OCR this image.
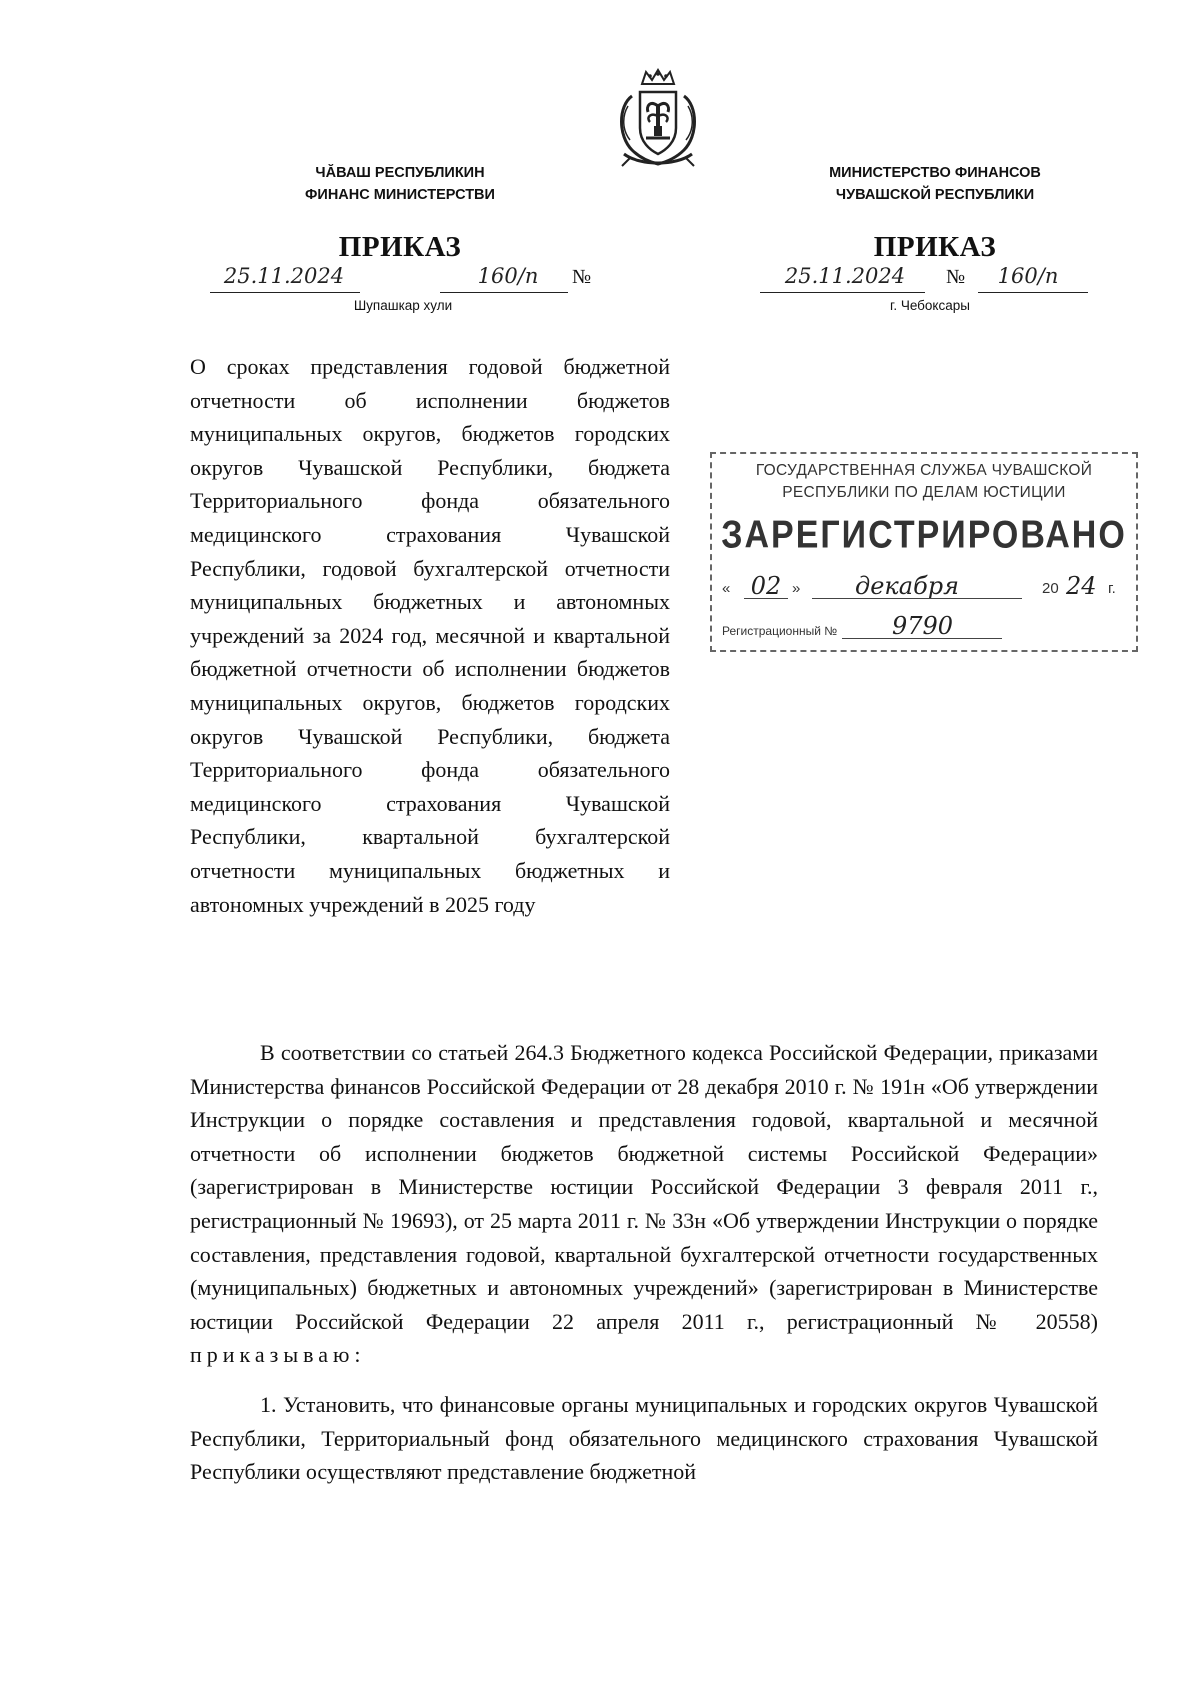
ЧӐВАШ РЕСПУБЛИКИН
ФИНАНС МИНИСТЕРСТВИ
ПРИКАЗ
25.11.2024	160/п	№
Шупашкар хули
МИНИСТЕРСТВО ФИНАНСОВ
ЧУВАШСКОЙ РЕСПУБЛИКИ
ПРИКАЗ
25.11.2024	№	160/п
г. Чебоксары
О сроках представления годовой бюджетной отчетности об исполнении бюджетов муниципальных округов, бюджетов городских округов Чувашской Республики, бюджета Территориального фонда обязательного медицинского страхования Чувашской Республики, годовой бухгалтерской отчетности муниципальных бюджетных и автономных учреждений за 2024 год, месячной и квартальной бюджетной отчетности об исполнении бюджетов муниципальных округов, бюджетов городских округов Чувашской Республики, бюджета Территориального фонда обязательного медицинского страхования Чувашской Республики, квартальной бухгалтерской отчетности муниципальных бюджетных и автономных учреждений в 2025 году
ГОСУДАРСТВЕННАЯ СЛУЖБА ЧУВАШСКОЙ
РЕСПУБЛИКИ ПО ДЕЛАМ ЮСТИЦИИ
ЗАРЕГИСТРИРОВАНО
« 02 »	декабря	20 24 г.
Регистрационный № 9790

В соответствии со статьей 264.3 Бюджетного кодекса Российской Федерации, приказами Министерства финансов Российской Федерации от 28 декабря 2010 г. № 191н «Об утверждении Инструкции о порядке составления и представления годовой, квартальной и месячной отчетности об исполнении бюджетов бюджетной системы Российской Федерации» (зарегистрирован в Министерстве юстиции Российской Федерации 3 февраля 2011 г., регистрационный № 19693), от 25 марта 2011 г. № 33н «Об утверждении Инструкции о порядке составления, представления годовой, квартальной бухгалтерской отчетности государственных (муниципальных) бюджетных и автономных учреждений» (зарегистрирован в Министерстве юстиции Российской Федерации 22 апреля 2011 г., регистрационный № 20558) приказываю:

1. Установить, что финансовые органы муниципальных и городских округов Чувашской Республики, Территориальный фонд обязательного медицинского страхования Чувашской Республики осуществляют представление бюджетной
